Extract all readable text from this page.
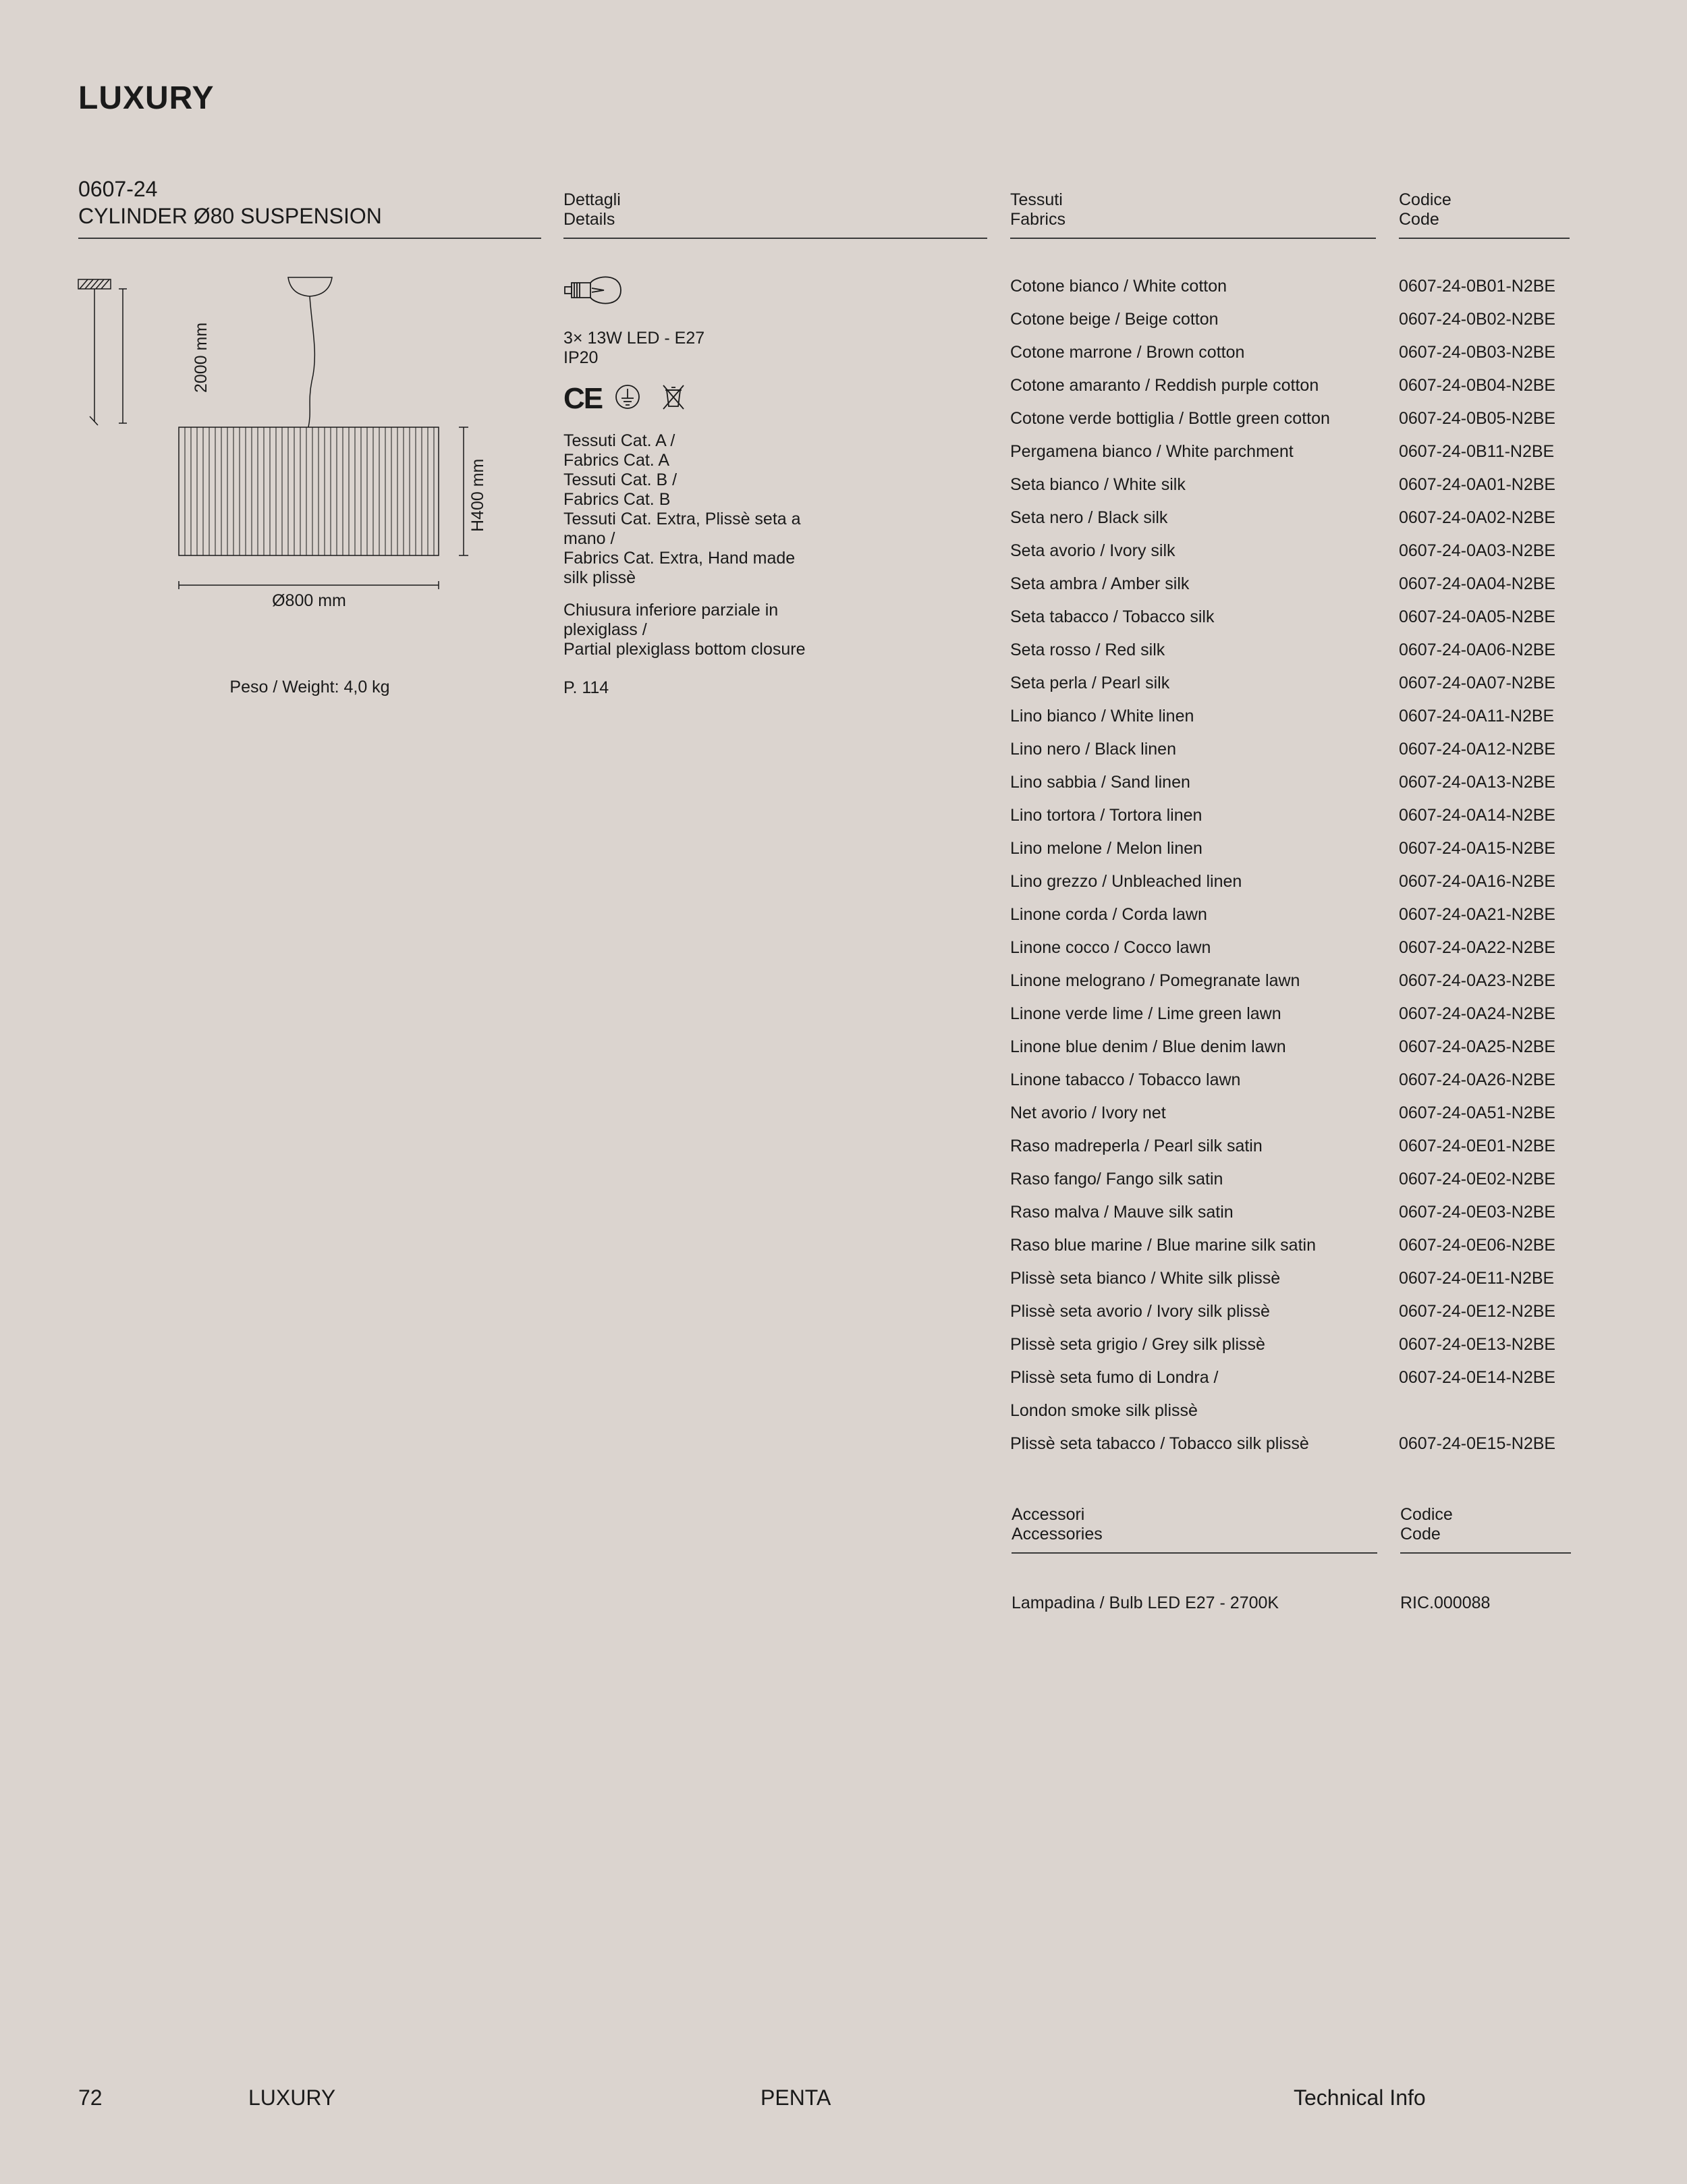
LUXURY
0607-24
CYLINDER Ø80 SUSPENSION
Dettagli
Details
Tessuti
Fabrics
Codice
Code
2000 mm
H400 mm
Ø800 mm
Peso / Weight: 4,0 kg
3× 13W LED - E27
IP20
CE
Tessuti Cat. A /
Fabrics Cat. A
Tessuti Cat. B /
Fabrics Cat. B
Tessuti Cat. Extra, Plissè seta a
mano /
Fabrics Cat. Extra, Hand made
silk plissè
Chiusura inferiore parziale in
plexiglass /
Partial plexiglass bottom closure
P. 114
Cotone bianco / White cotton	0607-24-0B01-N2BE
Cotone beige / Beige cotton	0607-24-0B02-N2BE
Cotone marrone / Brown cotton	0607-24-0B03-N2BE
Cotone amaranto / Reddish purple cotton	0607-24-0B04-N2BE
Cotone verde bottiglia / Bottle green cotton	0607-24-0B05-N2BE
Pergamena bianco / White parchment	0607-24-0B11-N2BE
Seta bianco / White silk	0607-24-0A01-N2BE
Seta nero / Black silk	0607-24-0A02-N2BE
Seta avorio / Ivory silk	0607-24-0A03-N2BE
Seta ambra / Amber silk	0607-24-0A04-N2BE
Seta tabacco / Tobacco silk	0607-24-0A05-N2BE
Seta rosso / Red silk	0607-24-0A06-N2BE
Seta perla / Pearl silk	0607-24-0A07-N2BE
Lino bianco / White linen	0607-24-0A11-N2BE
Lino nero / Black linen	0607-24-0A12-N2BE
Lino sabbia / Sand linen	0607-24-0A13-N2BE
Lino tortora / Tortora linen	0607-24-0A14-N2BE
Lino melone / Melon linen	0607-24-0A15-N2BE
Lino grezzo / Unbleached linen	0607-24-0A16-N2BE
Linone corda / Corda lawn	0607-24-0A21-N2BE
Linone cocco / Cocco lawn	0607-24-0A22-N2BE
Linone melograno / Pomegranate lawn	0607-24-0A23-N2BE
Linone verde lime / Lime green lawn	0607-24-0A24-N2BE
Linone blue denim / Blue denim lawn	0607-24-0A25-N2BE
Linone tabacco / Tobacco lawn	0607-24-0A26-N2BE
Net avorio / Ivory net	0607-24-0A51-N2BE
Raso madreperla / Pearl silk satin	0607-24-0E01-N2BE
Raso fango/ Fango silk satin	0607-24-0E02-N2BE
Raso malva / Mauve silk satin	0607-24-0E03-N2BE
Raso blue marine / Blue marine silk satin	0607-24-0E06-N2BE
Plissè seta bianco / White silk plissè	0607-24-0E11-N2BE
Plissè seta avorio / Ivory silk plissè	0607-24-0E12-N2BE
Plissè seta grigio / Grey silk plissè	0607-24-0E13-N2BE
Plissè seta fumo di Londra /	0607-24-0E14-N2BE
London smoke silk plissè
Plissè seta tabacco / Tobacco silk plissè	0607-24-0E15-N2BE
Accessori
Accessories
Codice
Code
Lampadina / Bulb LED E27 - 2700K	RIC.000088
72	LUXURY	PENTA	Technical Info
